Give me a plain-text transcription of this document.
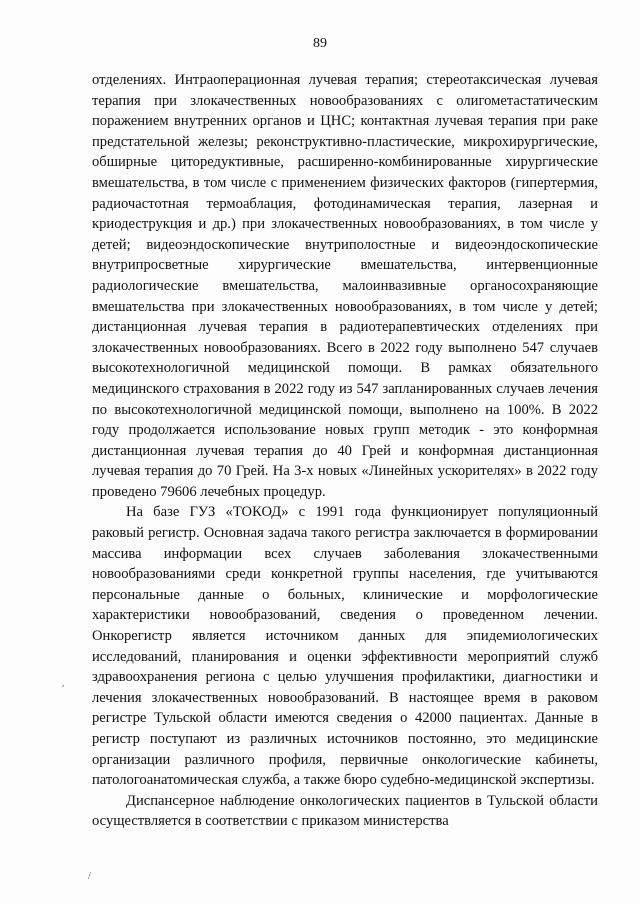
89

отделениях. Интраоперационная лучевая терапия; стереотаксическая лучевая терапия при злокачественных новообразованиях с олигометастатическим поражением внутренних органов и ЦНС; контактная лучевая терапия при раке предстательной железы; реконструктивно-пластические, микрохирургические, обширные циторедуктивные, расширенно-комбинированные хирургические вмешательства, в том числе с применением физических факторов (гипертермия, радиочастотная термоаблация, фотодинамическая терапия, лазерная и криодеструкция и др.) при злокачественных новообразованиях, в том числе у детей; видеоэндоскопические внутриполостные и видеоэндоскопические внутрипросветные хирургические вмешательства, интервенционные радиологические вмешательства, малоинвазивные органосохраняющие вмешательства при злокачественных новообразованиях, в том числе у детей; дистанционная лучевая терапия в радиотерапевтических отделениях при злокачественных новообразованиях. Всего в 2022 году выполнено 547 случаев высокотехнологичной медицинской помощи. В рамках обязательного медицинского страхования в 2022 году из 547 запланированных случаев лечения по высокотехнологичной медицинской помощи, выполнено на 100%. В 2022 году продолжается использование новых групп методик - это конформная дистанционная лучевая терапия до 40 Грей и конформная дистанционная лучевая терапия до 70 Грей. На 3-х новых «Линейных ускорителях» в 2022 году проведено 79606 лечебных процедур.

На базе ГУЗ «ТОКОД» с 1991 года функционирует популяционный раковый регистр. Основная задача такого регистра заключается в формировании массива информации всех случаев заболевания злокачественными новообразованиями среди конкретной группы населения, где учитываются персональные данные о больных, клинические и морфологические характеристики новообразований, сведения о проведенном лечении. Онкорегистр является источником данных для эпидемиологических исследований, планирования и оценки эффективности мероприятий служб здравоохранения региона с целью улучшения профилактики, диагностики и лечения злокачественных новообразований. В настоящее время в раковом регистре Тульской области имеются сведения о 42000 пациентах. Данные в регистр поступают из различных источников постоянно, это медицинские организации различного профиля, первичные онкологические кабинеты, патологоанатомическая служба, а также бюро судебно-медицинской экспертизы.

Диспансерное наблюдение онкологических пациентов в Тульской области осуществляется в соответствии с приказом министерства

ʹ
/
